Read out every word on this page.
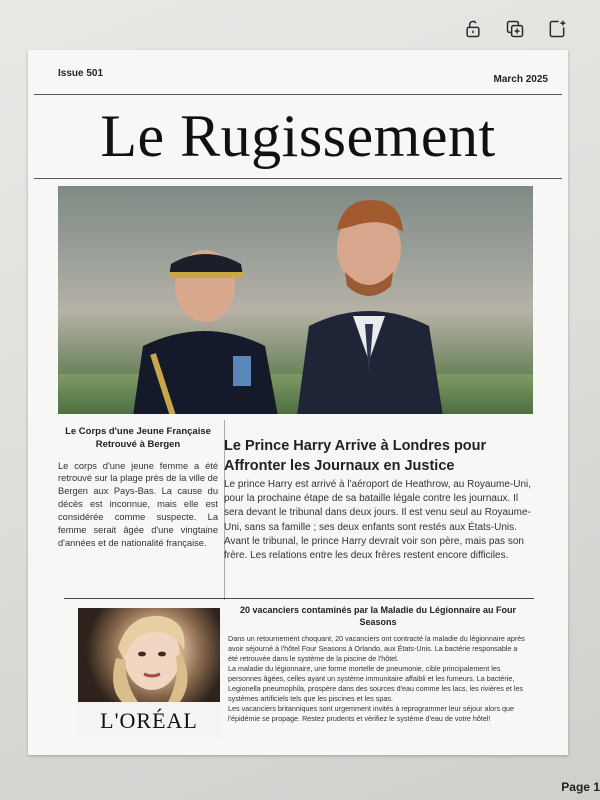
Issue 501
March 2025
Le Rugissement
Le Corps d'une Jeune Française Retrouvé à Bergen
Le corps d'une jeune femme a été retrouvé sur la plage près de la ville de Bergen aux Pays-Bas. La cause du décès est inconnue, mais elle est considérée comme suspecte. La femme serait âgée d'une vingtaine d'années et de nationalité française.
Le Prince Harry Arrive à Londres pour Affronter les Journaux en Justice
Le prince Harry est arrivé à l'aéroport de Heathrow, au Royaume-Uni, pour la prochaine étape de sa bataille légale contre les journaux. Il sera devant le tribunal dans deux jours. Il est venu seul au Royaume-Uni, sans sa famille ; ses deux enfants sont restés aux États-Unis. Avant le tribunal, le prince Harry devrait voir son père, mais pas son frère. Les relations entre les deux frères restent encore difficiles.
L'ORÉAL
20 vacanciers contaminés par la Maladie du Légionnaire au Four Seasons

Dans un retournement choquant, 20 vacanciers ont contracté la maladie du légionnaire après avoir séjourné à l'hôtel Four Seasons à Orlando, aux États-Unis. La bactérie responsable a été retrouvée dans le système de la piscine de l'hôtel.

La maladie du légionnaire, une forme mortelle de pneumonie, cible principalement les personnes âgées, celles ayant un système immunitaire affaibli et les fumeurs. La bactérie, Legionella pneumophila, prospère dans des sources d'eau comme les lacs, les rivières et les systèmes artificiels tels que les piscines et les spas.

Les vacanciers britanniques sont urgemment invités à reprogrammer leur séjour alors que l'épidémie se propage. Restez prudents et vérifiez le système d'eau de votre hôtel!

Page 1
